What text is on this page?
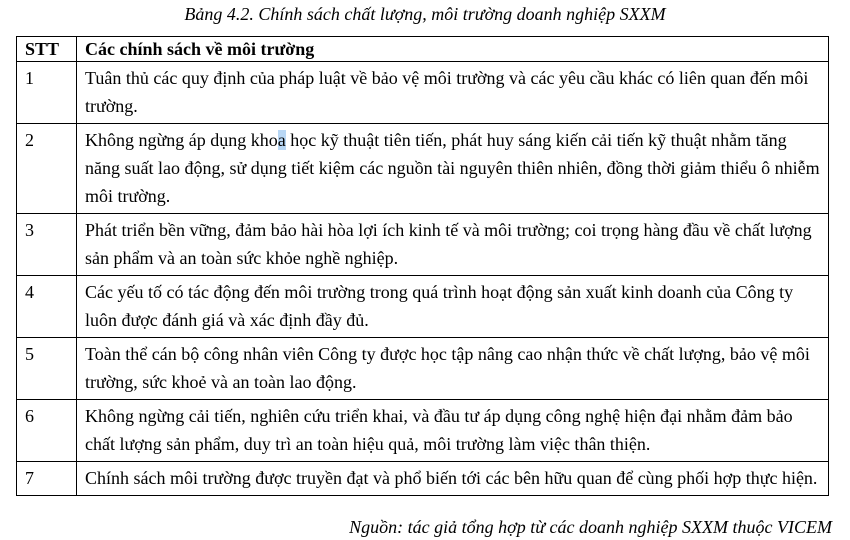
Bảng 4.2. Chính sách chất lượng, môi trường doanh nghiệp SXXM

STT	Các chính sách về môi trường
1	Tuân thủ các quy định của pháp luật về bảo vệ môi trường và các yêu cầu khác có liên quan đến môi trường.
2	Không ngừng áp dụng khoa học kỹ thuật tiên tiến, phát huy sáng kiến cải tiến kỹ thuật nhằm tăng năng suất lao động, sử dụng tiết kiệm các nguồn tài nguyên thiên nhiên, đồng thời giảm thiểu ô nhiễm môi trường.
3	Phát triển bền vững, đảm bảo hài hòa lợi ích kinh tế và môi trường; coi trọng hàng đầu về chất lượng sản phẩm và an toàn sức khỏe nghề nghiệp.
4	Các yếu tố có tác động đến môi trường trong quá trình hoạt động sản xuất kinh doanh của Công ty luôn được đánh giá và xác định đầy đủ.
5	Toàn thể cán bộ công nhân viên Công ty được học tập nâng cao nhận thức về chất lượng, bảo vệ môi trường, sức khoẻ và an toàn lao động.
6	Không ngừng cải tiến, nghiên cứu triển khai, và đầu tư áp dụng công nghệ hiện đại nhằm đảm bảo chất lượng sản phẩm, duy trì an toàn hiệu quả, môi trường làm việc thân thiện.
7	Chính sách môi trường được truyền đạt và phổ biến tới các bên hữu quan để cùng phối hợp thực hiện.

Nguồn: tác giả tổng hợp từ các doanh nghiệp SXXM thuộc VICEM
